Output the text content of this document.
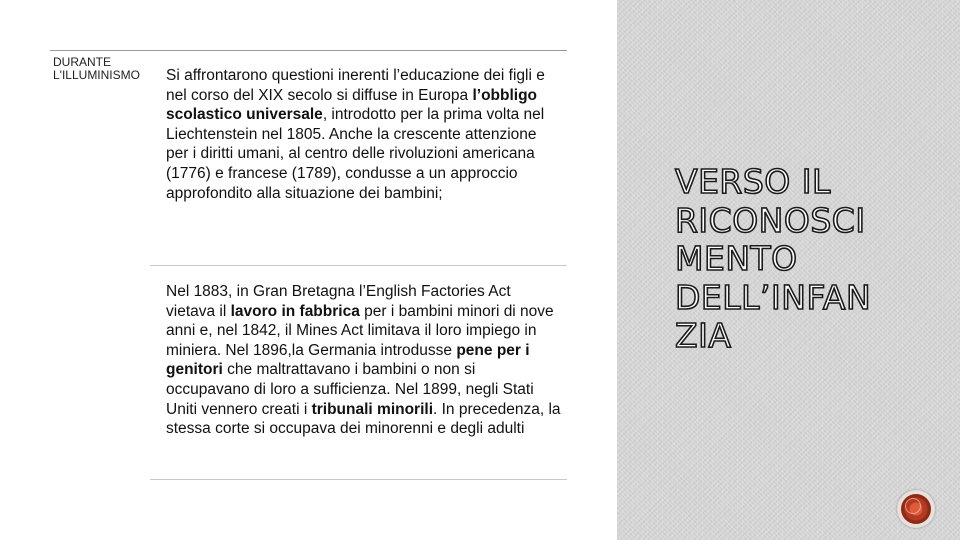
DURANTE
L'ILLUMINISMO	Si affrontarono questioni inerenti l’educazione dei figli e nel corso del XIX secolo si diffuse in Europa l’obbligo scolastico universale, introdotto per la prima volta nel Liechtenstein nel 1805. Anche la crescente attenzione per i diritti umani, al centro delle rivoluzioni americana (1776) e francese (1789), condusse a un approccio approfondito alla situazione dei bambini;
Nel 1883, in Gran Bretagna l’English Factories Act vietava il lavoro in fabbrica per i bambini minori di nove anni e, nel 1842, il Mines Act limitava il loro impiego in miniera. Nel 1896,la Germania introdusse pene per i genitori che maltrattavano i bambini o non si occupavano di loro a sufficienza. Nel 1899, negli Stati Uniti vennero creati i tribunali minorili. In precedenza, la stessa corte si occupava dei minorenni e degli adulti
VERSO IL
RICONOSCI
MENTO
DELL’INFAN
ZIA
